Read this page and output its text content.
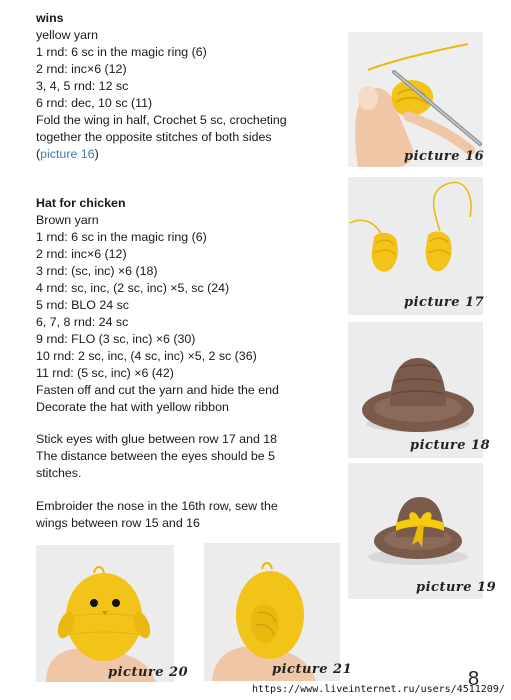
wins
yellow yarn
1 rnd: 6 sc in the magic ring (6)
2 rnd: inc×6 (12)
3, 4, 5 rnd: 12 sc
6 rnd: dec, 10 sc (11)
Fold the wing in half, Crochet 5 sc, crocheting
together the opposite stitches of both sides
(picture 16)
Hat for chicken
Brown yarn
1 rnd: 6 sc in the magic ring (6)
2 rnd: inc×6 (12)
3 rnd: (sc, inc) ×6 (18)
4 rnd: sc, inc, (2 sc, inc) ×5, sc (24)
5 rnd: BLO 24 sc
6, 7, 8 rnd: 24 sc
9 rnd: FLO (3 sc, inc) ×6 (30)
10 rnd: 2 sc, inc, (4 sc, inc) ×5, 2 sc (36)
11 rnd: (5 sc, inc) ×6 (42)
Fasten off and cut the yarn and hide the end
Decorate the hat with yellow ribbon
Stick eyes with glue between row 17 and 18
The distance between the eyes should be 5
stitches.
Embroider the nose in the 16th row, sew the
wings between row 15 and 16
picture 16
picture 17
picture 18
picture 19
picture 20	picture 21	8
https://www.liveinternet.ru/users/4511209/
